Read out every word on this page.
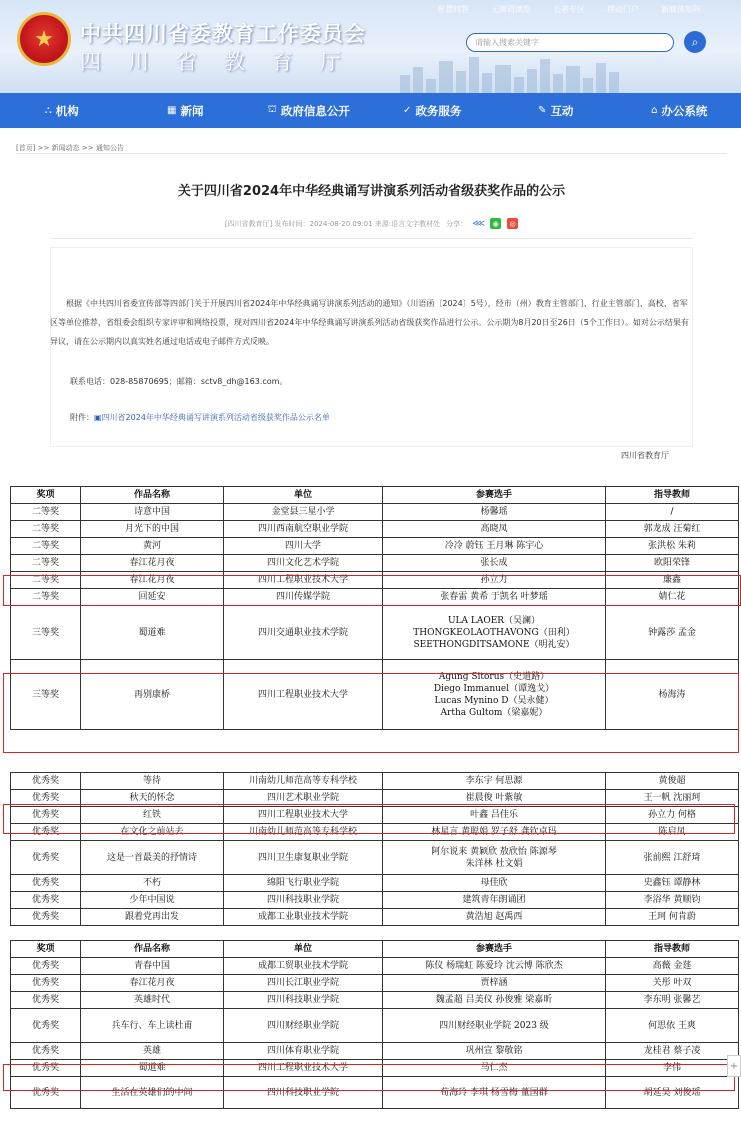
★ 中共四川省委教育工作委员会
四川省教育厅
智慧问答	无障碍浏览	长者专区	移动门户	新媒体矩阵
请输入搜索关键字	⌕
⛬ 机构	▦ 新闻	⛫ 政府信息公开	✓ 政务服务	✎ 互动	⌂ 办公系统
[首页] >> 新闻动态 >> 通知公告
关于四川省2024年中华经典诵写讲演系列活动省级获奖作品的公示
[四川省教育厅] 发布时间：2024-08-20 09:01 来源:语言文字教材处 分享： ⋘	◉	◎
根据《中共四川省委宣传部等四部门关于开展四川省2024年中华经典诵写讲演系列活动的通知》（川语函〔2024〕5号），经市（州）教育主管部门、行业主管部门、高校、省军区等单位推荐，省组委会组织专家评审和网络投票，现对四川省2024年中华经典诵写讲演系列活动省级获奖作品进行公示。公示期为8月20日至26日（5个工作日）。如对公示结果有异议，请在公示期内以真实姓名通过电话或电子邮件方式反映。
联系电话：028-85870695；邮箱：sctv8_dh@163.com。
附件：▣四川省2024年中华经典诵写讲演系列活动省级获奖作品公示名单
四川省教育厅
奖项	作品名称	单位	参赛选手	指导教师
二等奖	诗意中国	金堂县三星小学	杨馨瑶	/
二等奖	月光下的中国	四川西南航空职业学院	高晓凤	郭龙成 汪菊红
二等奖	黄河	四川大学	冷冷 蔚钰 王月琳 陈宇心	张洪松 朱莉
二等奖	春江花月夜	四川文化艺术学院	张长成	欧阳荣锋
二等奖	春江花月夜	四川工程职业技术大学	孙立力	廉鑫
二等奖	回延安	四川传媒学院	张春雷 黄希 于凯名 叶梦瑶	婧仁花
三等奖	蜀道难	四川交通职业技术学院	ULA LAOER（吴澜）
THONGKEOLAOTHAVONG（田利）
SEETHONGDITSAMONE（明礼安）	钟露莎 孟金
三等奖	再别康桥	四川工程职业技术大学	Agung Sitorus（史道路）
Diego Immanuel（谭逸戈）
Lucas Mynino D（吴永健）
Artha Gultom（梁嘉妮）	杨海涛
优秀奖	等待	川南幼儿师范高等专科学校	李东宇 何思源	黄俊超
优秀奖	秋天的怀念	四川艺术职业学院	崔晨俊 叶紫敏	王一帆 沈丽珂
优秀奖	红铁	四川工程职业技术大学	叶鑫 吕佳乐	孙立力 何格
优秀奖	在文化之前站去	川南幼儿师范高等专科学校	林星言 黄聪娟 罗子舒 龚钦卓玛	陈启凤
优秀奖	这是一首最美的抒情诗	四川卫生康复职业学院	阿尔说来 黄颖欣 敖欣怡 陈源琴
朱洋林 杜文娟	张前熙 江舒琦
优秀奖	不朽	绵阳飞行职业学院	母佳欣	史鑫钰 谭静林
优秀奖	少年中国说	四川科技职业学院	建筑青年朗诵团	李浴华 黄顺钧
优秀奖	跟着党再出发	成都工业职业技术学院	黄浩旭 赵禹西	王珂 何肯蔚
奖项	作品名称	单位	参赛选手	指导教师
优秀奖	青春中国	成都工贸职业技术学院	陈仪 杨瑞虹 陈爱玲 沈云博 陈欣杰	高薇 金莛
优秀奖	春江花月夜	四川长江职业学院	贾梓涵	关彤 叶双
优秀奖	英雄时代	四川科技职业学院	魏孟超 吕美仪 孙俊雅 梁嘉昕	李东明 张馨艺
优秀奖	兵车行、车上读杜甫	四川财经职业学院	四川财经职业学院 2023 级	何思依 王爽
优秀奖	英雄	四川体育职业学院	巩州宣 黎敬铭	龙桂君 蔡子凌
优秀奖	蜀道难	四川工程职业技术大学	马仁杰	李伟
优秀奖	生活在英雄们的中间	四川科技职业学院	荀海玲 李琪 杨雪梅 董国群	胡延昊 刘俊瑶
+
